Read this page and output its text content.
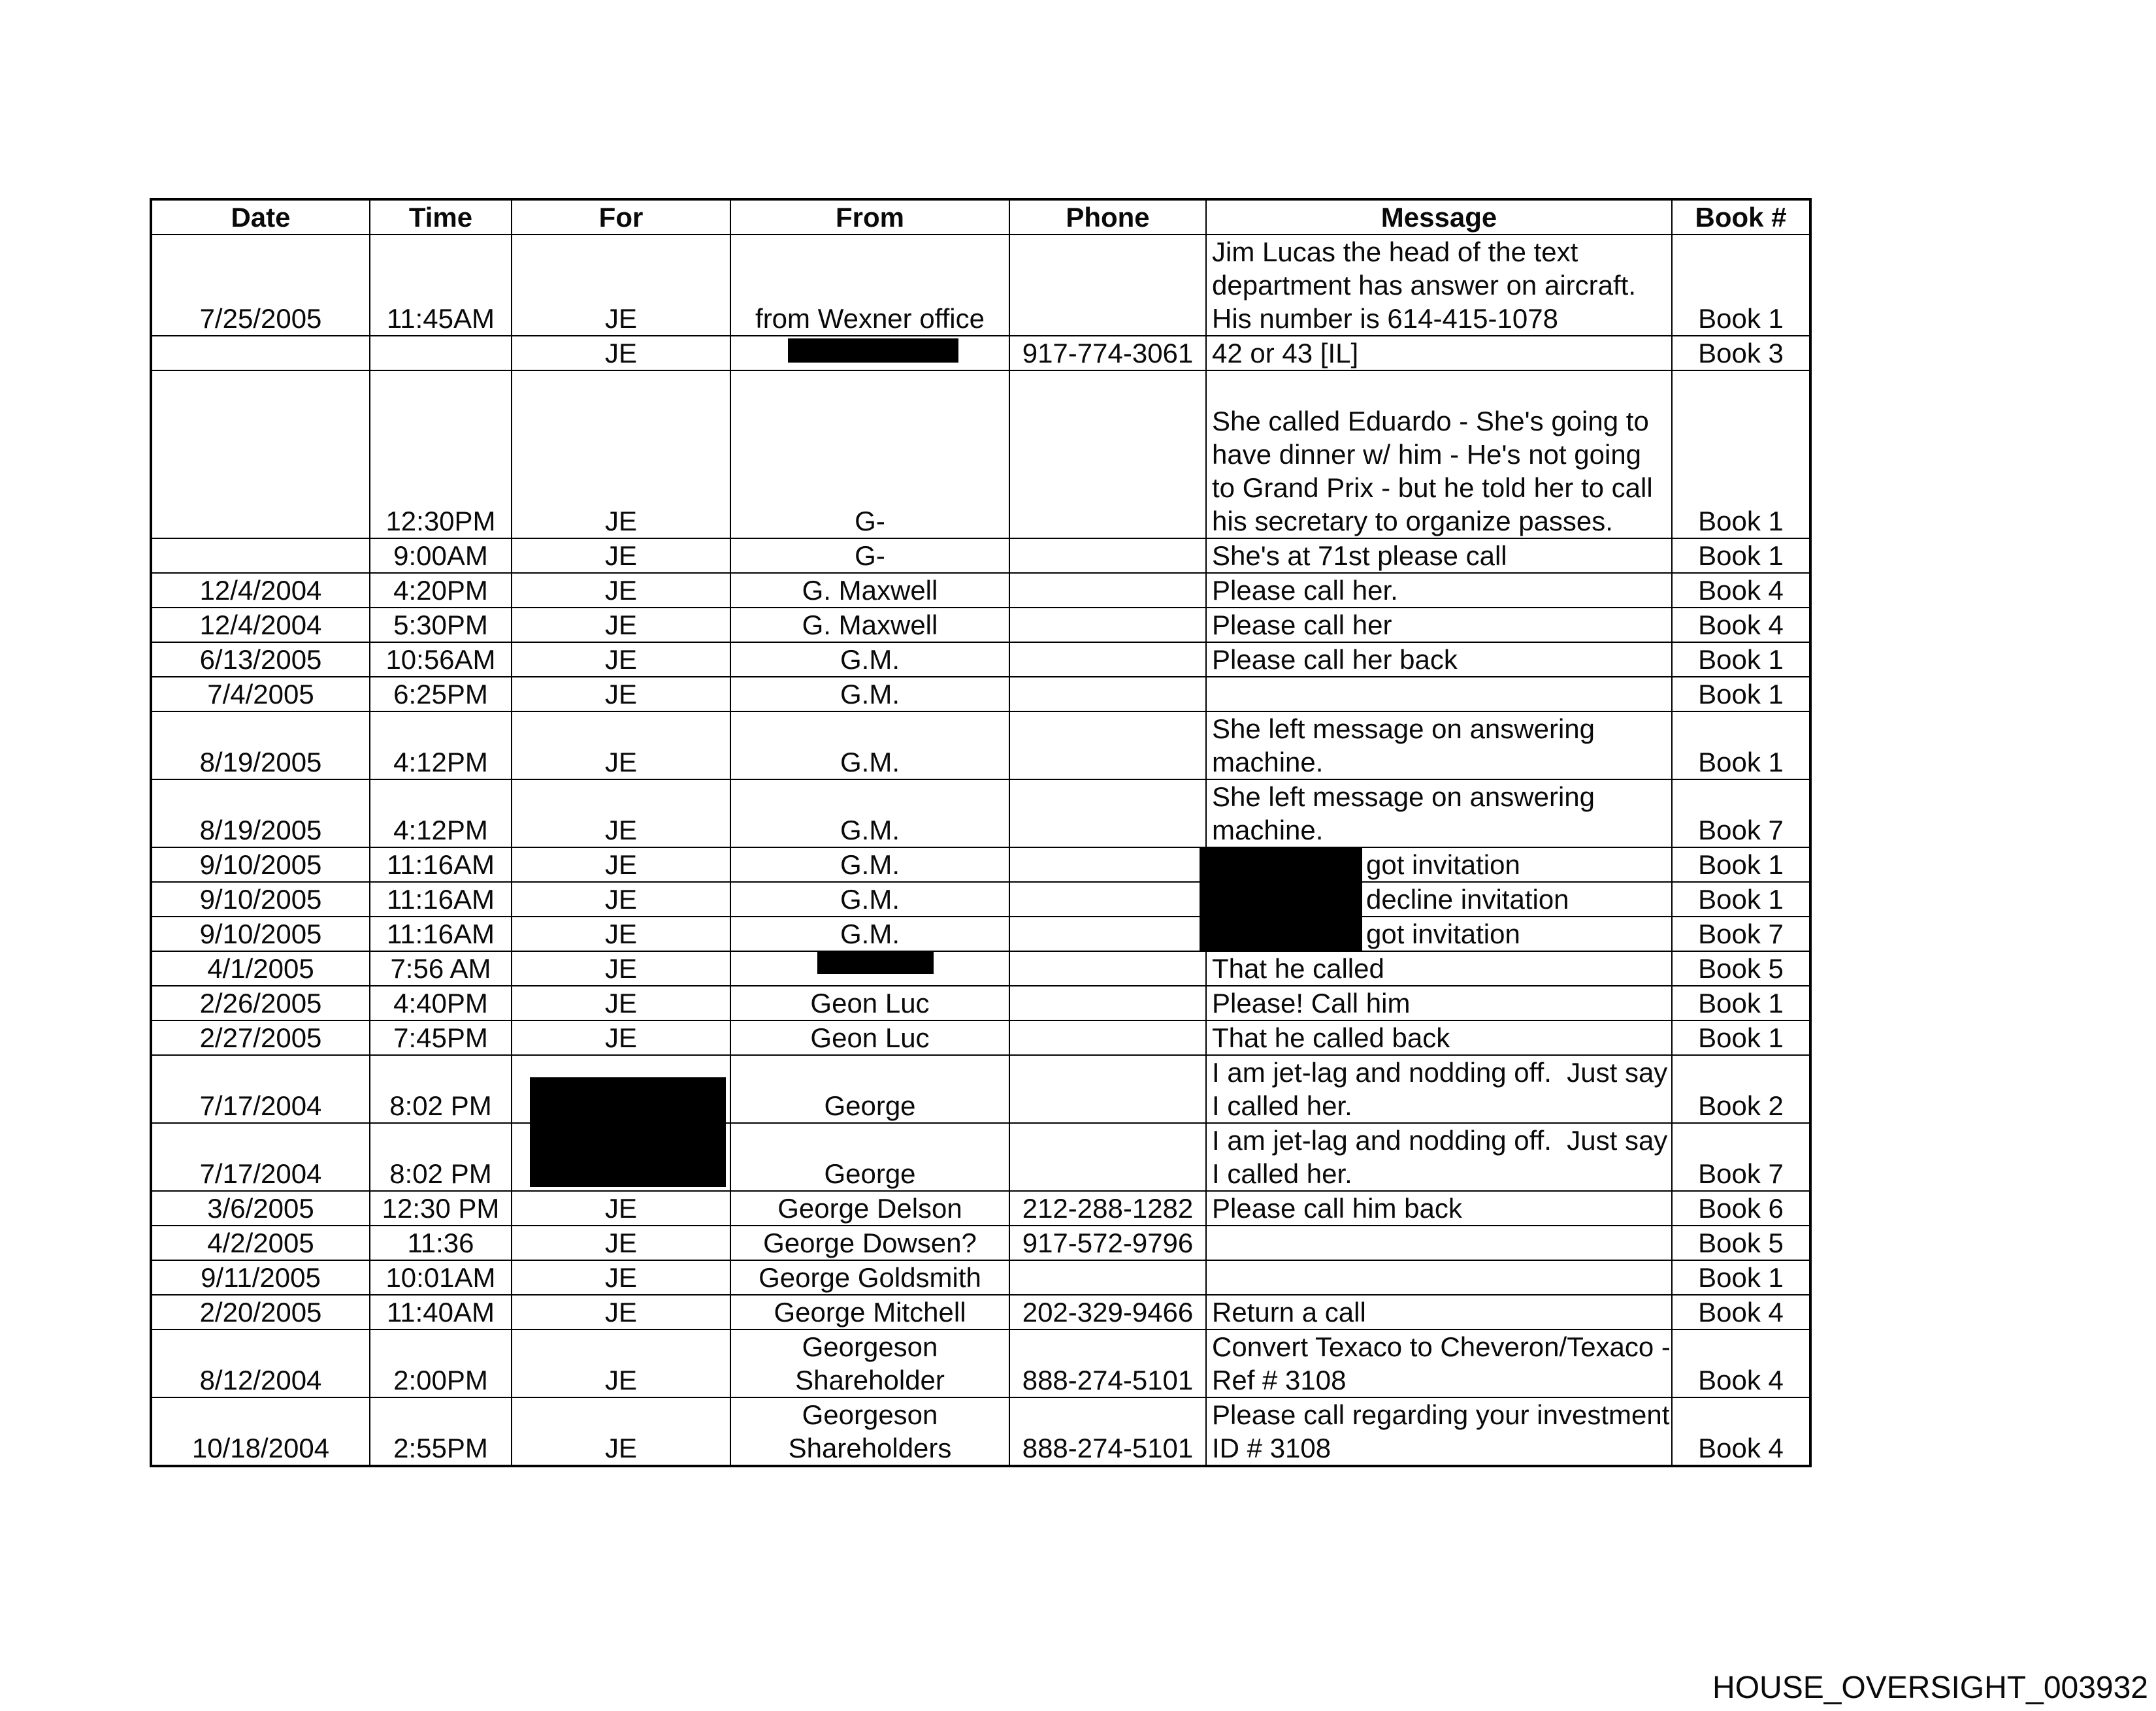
Date	Time	For	From	Phone	Message	Book #

7/25/2005	11:45AM	JE	from Wexner office		Jim Lucas the head of the text
department has answer on aircraft.
His number is 614-415-1078	Book 1

		JE		917-774-3061	42 or 43 [IL]	Book 3

	12:30PM	JE	G-		She called Eduardo - She's going to
have dinner w/ him - He's not going
to Grand Prix - but he told her to call
his secretary to organize passes.	Book 1

	9:00AM	JE	G-		She's at 71st please call	Book 1

12/4/2004	4:20PM	JE	G. Maxwell		Please call her.	Book 4

12/4/2004	5:30PM	JE	G. Maxwell		Please call her	Book 4

6/13/2005	10:56AM	JE	G.M.		Please call her back	Book 1

7/4/2005	6:25PM	JE	G.M.			Book 1

8/19/2005	4:12PM	JE	G.M.		She left message on answering
machine.	Book 1

8/19/2005	4:12PM	JE	G.M.		She left message on answering
machine.	Book 7

9/10/2005	11:16AM	JE	G.M.		got invitation	Book 1

9/10/2005	11:16AM	JE	G.M.		decline invitation	Book 1

9/10/2005	11:16AM	JE	G.M.		got invitation	Book 7

4/1/2005	7:56 AM	JE			That he called	Book 5

2/26/2005	4:40PM	JE	Geon Luc		Please! Call him	Book 1

2/27/2005	7:45PM	JE	Geon Luc		That he called back	Book 1

7/17/2004	8:02 PM		George		I am jet-lag and nodding off.  Just say
I called her.	Book 2

7/17/2004	8:02 PM		George		I am jet-lag and nodding off.  Just say
I called her.	Book 7

3/6/2005	12:30 PM	JE	George Delson	212-288-1282	Please call him back	Book 6

4/2/2005	11:36	JE	George Dowsen?	917-572-9796		Book 5

9/11/2005	10:01AM	JE	George Goldsmith			Book 1

2/20/2005	11:40AM	JE	George Mitchell	202-329-9466	Return a call	Book 4

8/12/2004	2:00PM	JE	Georgeson
Shareholder	888-274-5101	Convert Texaco to Cheveron/Texaco -
Ref # 3108	Book 4

10/18/2004	2:55PM	JE	Georgeson
Shareholders	888-274-5101	Please call regarding your investment
ID # 3108	Book 4
HOUSE_OVERSIGHT_003932
